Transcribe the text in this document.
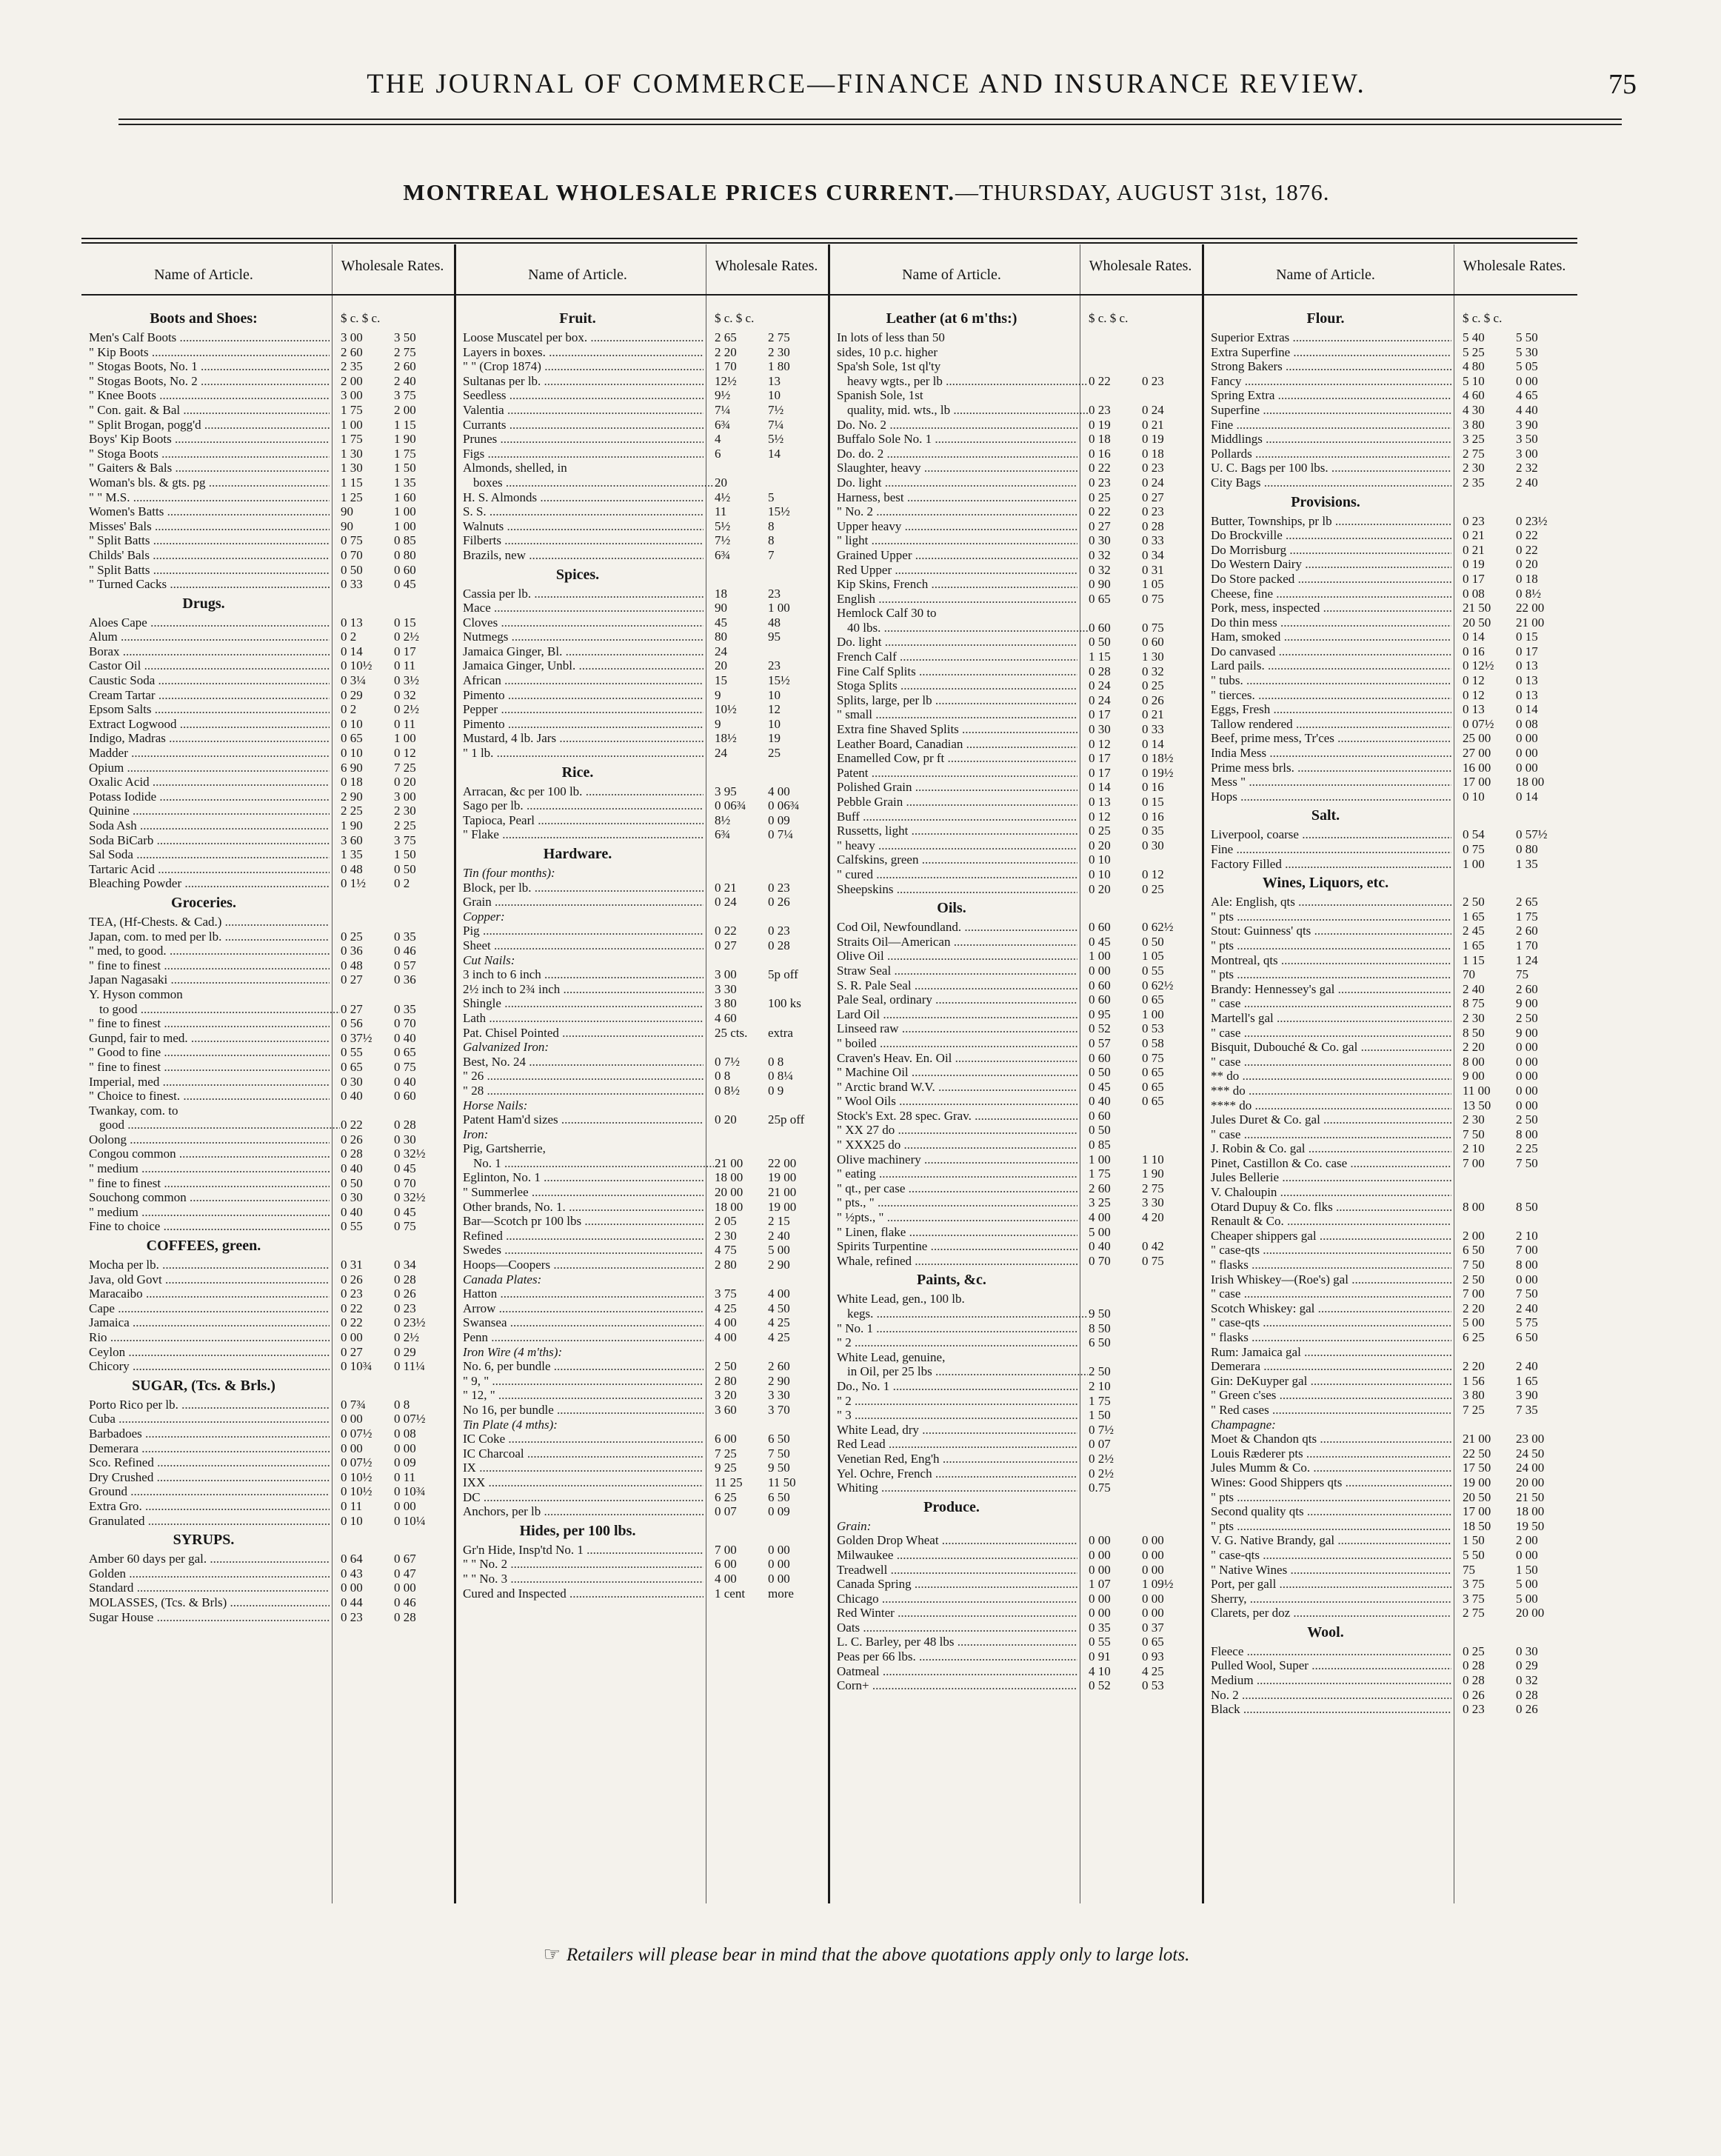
THE JOURNAL OF COMMERCE—FINANCE AND INSURANCE REVIEW.	75
MONTREAL WHOLESALE PRICES CURRENT.—THURSDAY, AUGUST 31st, 1876.
Name of Article.
Wholesale Rates.
Boots and Shoes:	$ c. $ c.
Men's Calf Boots .....	3 00	3 50
" Kip Boots .....	2 60	2 75
" Stogas Boots, No. 1 .....	2 35	2 60
" Stogas Boots, No. 2 .....	2 00	2 40
" Knee Boots .....	3 00	3 75
" Con. gait. & Bal .....	1 75	2 00
" Split Brogan, pogg'd .....	1 00	1 15
Boys' Kip Boots .....	1 75	1 90
" Stoga Boots .....	1 30	1 75
" Gaiters & Bals .....	1 30	1 50
Woman's bls. & gts. pg .....	1 15	1 35
" " M.S. .....	1 25	1 60
Women's Batts .....	90	1 00
Misses' Bals .....	90	1 00
" Split Batts .....	0 75	0 85
Childs' Bals .....	0 70	0 80
" Split Batts .....	0 50	0 60
" Turned Cacks .....	0 33	0 45
Drugs.
Aloes Cape .....	0 13	0 15
Alum .....	0 2	0 2½
Borax .....	0 14	0 17
Castor Oil .....	0 10½	0 11
Caustic Soda .....	0 3¼	0 3½
Cream Tartar .....	0 29	0 32
Epsom Salts .....	0 2	0 2½
Extract Logwood .....	0 10	0 11
Indigo, Madras .....	0 65	1 00
Madder .....	0 10	0 12
Opium .....	6 90	7 25
Oxalic Acid .....	0 18	0 20
Potass Iodide .....	2 90	3 00
Quinine .....	2 25	2 30
Soda Ash .....	1 90	2 25
Soda BiCarb .....	3 60	3 75
Sal Soda .....	1 35	1 50
Tartaric Acid .....	0 48	0 50
Bleaching Powder .....	0 1½	0 2
Groceries.
TEA, (Hf-Chests. & Cad.) .....
Japan, com. to med per lb. .....	0 25	0 35
" med, to good. .....	0 36	0 46
" fine to finest .....	0 48	0 57
Japan Nagasaki .....	0 27	0 36
Y. Hyson common
to good .....	0 27	0 35
" fine to finest .....	0 56	0 70
Gunpd, fair to med. .....	0 37½	0 40
" Good to fine .....	0 55	0 65
" fine to finest .....	0 65	0 75
Imperial, med .....	0 30	0 40
" Choice to finest. .....	0 40	0 60
Twankay, com. to
good .....	0 22	0 28
Oolong .....	0 26	0 30
Congou common .....	0 28	0 32½
" medium .....	0 40	0 45
" fine to finest .....	0 50	0 70
Souchong common .....	0 30	0 32½
" medium .....	0 40	0 45
Fine to choice .....	0 55	0 75
COFFEES, green.
Mocha per lb. .....	0 31	0 34
Java, old Govt .....	0 26	0 28
Maracaibo .....	0 23	0 26
Cape .....	0 22	0 23
Jamaica .....	0 22	0 23½
Rio .....	0 00	0 2½
Ceylon .....	0 27	0 29
Chicory .....	0 10¾	0 11¼
SUGAR, (Tcs. & Brls.)
Porto Rico per lb. .....	0 7¾	0 8
Cuba .....	0 00	0 07½
Barbadoes .....	0 07½	0 08
Demerara .....	0 00	0 00
Sco. Refined .....	0 07½	0 09
Dry Crushed .....	0 10½	0 11
Ground .....	0 10½	0 10¾
Extra Gro. .....	0 11	0 00
Granulated .....	0 10	0 10¼
SYRUPS.
Amber 60 days per gal. .....	0 64	0 67
Golden .....	0 43	0 47
Standard .....	0 00	0 00
MOLASSES, (Tcs. & Brls) .....	0 44	0 46
Sugar House .....	0 23	0 28
Name of Article.
Wholesale Rates.
Fruit.	$ c. $ c.
Loose Muscatel per box. .....	2 65	2 75
Layers in boxes. .....	2 20	2 30
" " (Crop 1874) .....	1 70	1 80
Sultanas per lb. .....	12½	13
Seedless .....	9½	10
Valentia .....	7¼	7½
Currants .....	6¾	7¼
Prunes .....	4	5½
Figs .....	6	14
Almonds, shelled, in
boxes .....	20
H. S. Almonds .....	4½	5
S. S. .....	11	15½
Walnuts .....	5½	8
Filberts .....	7½	8
Brazils, new .....	6¾	7
Spices.
Cassia per lb. .....	18	23
Mace .....	90	1 00
Cloves .....	45	48
Nutmegs .....	80	95
Jamaica Ginger, Bl. .....	24
Jamaica Ginger, Unbl. .....	20	23
African .....	15	15½
Pimento .....	9	10
Pepper .....	10½	12
Pimento .....	9	10
Mustard, 4 lb. Jars .....	18½	19
" 1 lb. .....	24	25
Rice.
Arracan, &c per 100 lb. .....	3 95	4 00
Sago per lb. .....	0 06¾	0 06¾
Tapioca, Pearl .....	8½	0 09
" Flake .....	6¾	0 7¼
Hardware.
Tin (four months):
Block, per lb. .....	0 21	0 23
Grain .....	0 24	0 26
Copper:
Pig .....	0 22	0 23
Sheet .....	0 27	0 28
Cut Nails:
3 inch to 6 inch .....	3 00	5p off
2½ inch to 2¾ inch .....	3 30
Shingle .....	3 80	100 ks
Lath .....	4 60
Pat. Chisel Pointed .....	25 cts.	extra
Galvanized Iron:
Best, No. 24 .....	0 7½	0 8
" 26 .....	0 8	0 8¼
" 28 .....	0 8½	0 9
Horse Nails:
Patent Ham'd sizes .....	0 20	25p off
Iron:
Pig, Gartsherrie,
No. 1 .....	21 00	22 00
Eglinton, No. 1 .....	18 00	19 00
" Summerlee .....	20 00	21 00
Other brands, No. 1. .....	18 00	19 00
Bar—Scotch pr 100 lbs .....	2 05	2 15
Refined .....	2 30	2 40
Swedes .....	4 75	5 00
Hoops—Coopers .....	2 80	2 90
Canada Plates:
Hatton .....	3 75	4 00
Arrow .....	4 25	4 50
Swansea .....	4 00	4 25
Penn .....	4 00	4 25
Iron Wire (4 m'ths):
No. 6, per bundle .....	2 50	2 60
" 9, " .....	2 80	2 90
" 12, " .....	3 20	3 30
No 16, per bundle .....	3 60	3 70
Tin Plate (4 mths):
IC Coke .....	6 00	6 50
IC Charcoal .....	7 25	7 50
IX .....	9 25	9 50
IXX .....	11 25	11 50
DC .....	6 25	6 50
Anchors, per lb .....	0 07	0 09
Hides, per 100 lbs.
Gr'n Hide, Insp'td No. 1 .....	7 00	0 00
" " No. 2 .....	6 00	0 00
" " No. 3 .....	4 00	0 00
Cured and Inspected .....	1 cent	more
Name of Article.
Wholesale Rates.
Leather (at 6 m'ths:)	$ c. $ c.
In lots of less than 50
sides, 10 p.c. higher
Spa'sh Sole, 1st ql'ty
heavy wgts., per lb .....	0 22	0 23
Spanish Sole, 1st
quality, mid. wts., lb .....	0 23	0 24
Do. No. 2 .....	0 19	0 21
Buffalo Sole No. 1 .....	0 18	0 19
Do. do. 2 .....	0 16	0 18
Slaughter, heavy .....	0 22	0 23
Do. light .....	0 23	0 24
Harness, best .....	0 25	0 27
" No. 2 .....	0 22	0 23
Upper heavy .....	0 27	0 28
" light .....	0 30	0 33
Grained Upper .....	0 32	0 34
Red Upper .....	0 32	0 31
Kip Skins, French .....	0 90	1 05
English .....	0 65	0 75
Hemlock Calf 30 to
40 lbs. .....	0 60	0 75
Do. light .....	0 50	0 60
French Calf .....	1 15	1 30
Fine Calf Splits .....	0 28	0 32
Stoga Splits .....	0 24	0 25
Splits, large, per lb .....	0 24	0 26
" small .....	0 17	0 21
Extra fine Shaved Splits .....	0 30	0 33
Leather Board, Canadian .....	0 12	0 14
Enamelled Cow, pr ft .....	0 17	0 18½
Patent .....	0 17	0 19½
Polished Grain .....	0 14	0 16
Pebble Grain .....	0 13	0 15
Buff .....	0 12	0 16
Russetts, light .....	0 25	0 35
" heavy .....	0 20	0 30
Calfskins, green .....	0 10
" cured .....	0 10	0 12
Sheepskins .....	0 20	0 25
Oils.
Cod Oil, Newfoundland. .....	0 60	0 62½
Straits Oil—American .....	0 45	0 50
Olive Oil .....	1 00	1 05
Straw Seal .....	0 00	0 55
S. R. Pale Seal .....	0 60	0 62½
Pale Seal, ordinary .....	0 60	0 65
Lard Oil .....	0 95	1 00
Linseed raw .....	0 52	0 53
" boiled .....	0 57	0 58
Craven's Heav. En. Oil .....	0 60	0 75
" Machine Oil .....	0 50	0 65
" Arctic brand W.V. .....	0 45	0 65
" Wool Oils .....	0 40	0 65
Stock's Ext. 28 spec. Grav. .....	0 60
" XX 27 do .....	0 50
" XXX25 do .....	0 85
Olive machinery .....	1 00	1 10
" eating .....	1 75	1 90
" qt., per case .....	2 60	2 75
" pts., " .....	3 25	3 30
" ½pts., " .....	4 00	4 20
" Linen, flake .....	5 00
Spirits Turpentine .....	0 40	0 42
Whale, refined .....	0 70	0 75
Paints, &c.
White Lead, gen., 100 lb.
kegs. .....	9 50
" No. 1 .....	8 50
" 2 .....	6 50
White Lead, genuine,
in Oil, per 25 lbs .....	2 50
Do., No. 1 .....	2 10
" 2 .....	1 75
" 3 .....	1 50
White Lead, dry .....	0 7½
Red Lead .....	0 07
Venetian Red, Eng'h .....	0 2½
Yel. Ochre, French .....	0 2½
Whiting .....	0.75
Produce.
Grain:
Golden Drop Wheat .....	0 00	0 00
Milwaukee .....	0 00	0 00
Treadwell .....	0 00	0 00
Canada Spring .....	1 07	1 09½
Chicago .....	0 00	0 00
Red Winter .....	0 00	0 00
Oats .....	0 35	0 37
L. C. Barley, per 48 lbs .....	0 55	0 65
Peas per 66 lbs. .....	0 91	0 93
Oatmeal .....	4 10	4 25
Corn+ .....	0 52	0 53
Name of Article.
Wholesale Rates.
Flour.	$ c. $ c.
Superior Extras .....	5 40	5 50
Extra Superfine .....	5 25	5 30
Strong Bakers .....	4 80	5 05
Fancy .....	5 10	0 00
Spring Extra .....	4 60	4 65
Superfine .....	4 30	4 40
Fine .....	3 80	3 90
Middlings .....	3 25	3 50
Pollards .....	2 75	3 00
U. C. Bags per 100 lbs. .....	2 30	2 32
City Bags .....	2 35	2 40
Provisions.
Butter, Townships, pr lb .....	0 23	0 23½
Do Brockville .....	0 21	0 22
Do Morrisburg .....	0 21	0 22
Do Western Dairy .....	0 19	0 20
Do Store packed .....	0 17	0 18
Cheese, fine .....	0 08	0 8½
Pork, mess, inspected .....	21 50	22 00
Do thin mess .....	20 50	21 00
Ham, smoked .....	0 14	0 15
Do canvased .....	0 16	0 17
Lard pails. .....	0 12½	0 13
" tubs. .....	0 12	0 13
" tierces. .....	0 12	0 13
Eggs, Fresh .....	0 13	0 14
Tallow rendered .....	0 07½	0 08
Beef, prime mess, Tr'ces .....	25 00	0 00
India Mess .....	27 00	0 00
Prime mess brls. .....	16 00	0 00
Mess " .....	17 00	18 00
Hops .....	0 10	0 14
Salt.
Liverpool, coarse .....	0 54	0 57½
Fine .....	0 75	0 80
Factory Filled .....	1 00	1 35
Wines, Liquors, etc.
Ale: English, qts .....	2 50	2 65
" pts .....	1 65	1 75
Stout: Guinness' qts .....	2 45	2 60
" pts .....	1 65	1 70
Montreal, qts .....	1 15	1 24
" pts .....	70	75
Brandy: Hennessey's gal .....	2 40	2 60
" case .....	8 75	9 00
Martell's gal .....	2 30	2 50
" case .....	8 50	9 00
Bisquit, Dubouché & Co. gal .....	2 20	0 00
" case .....	8 00	0 00
** do .....	9 00	0 00
*** do .....	11 00	0 00
**** do .....	13 50	0 00
Jules Duret & Co. gal .....	2 30	2 50
" case .....	7 50	8 00
J. Robin & Co. gal .....	2 10	2 25
Pinet, Castillon & Co. case .....	7 00	7 50
Jules Bellerie .....
V. Chaloupin .....
Otard Dupuy & Co. flks .....	8 00	8 50
Renault & Co. .....
Cheaper shippers gal .....	2 00	2 10
" case-qts .....	6 50	7 00
" flasks .....	7 50	8 00
Irish Whiskey—(Roe's) gal .....	2 50	0 00
" case .....	7 00	7 50
Scotch Whiskey: gal .....	2 20	2 40
" case-qts .....	5 00	5 75
" flasks .....	6 25	6 50
Rum: Jamaica gal .....
Demerara .....	2 20	2 40
Gin: DeKuyper gal .....	1 56	1 65
" Green c'ses .....	3 80	3 90
" Red cases .....	7 25	7 35
Champagne:
Moet & Chandon qts .....	21 00	23 00
Louis Ræderer pts .....	22 50	24 50
Jules Mumm & Co. .....	17 50	24 00
Wines: Good Shippers qts .....	19 00	20 00
" pts .....	20 50	21 50
Second quality qts .....	17 00	18 00
" pts .....	18 50	19 50
V. G. Native Brandy, gal .....	1 50	2 00
" case-qts .....	5 50	0 00
" Native Wines .....	75	1 50
Port, per gall .....	3 75	5 00
Sherry, .....	3 75	5 00
Clarets, per doz .....	2 75	20 00
Wool.
Fleece .....	0 25	0 30
Pulled Wool, Super .....	0 28	0 29
Medium .....	0 28	0 32
No. 2 .....	0 26	0 28
Black .....	0 23	0 26
☞ Retailers will please bear in mind that the above quotations apply only to large lots.
